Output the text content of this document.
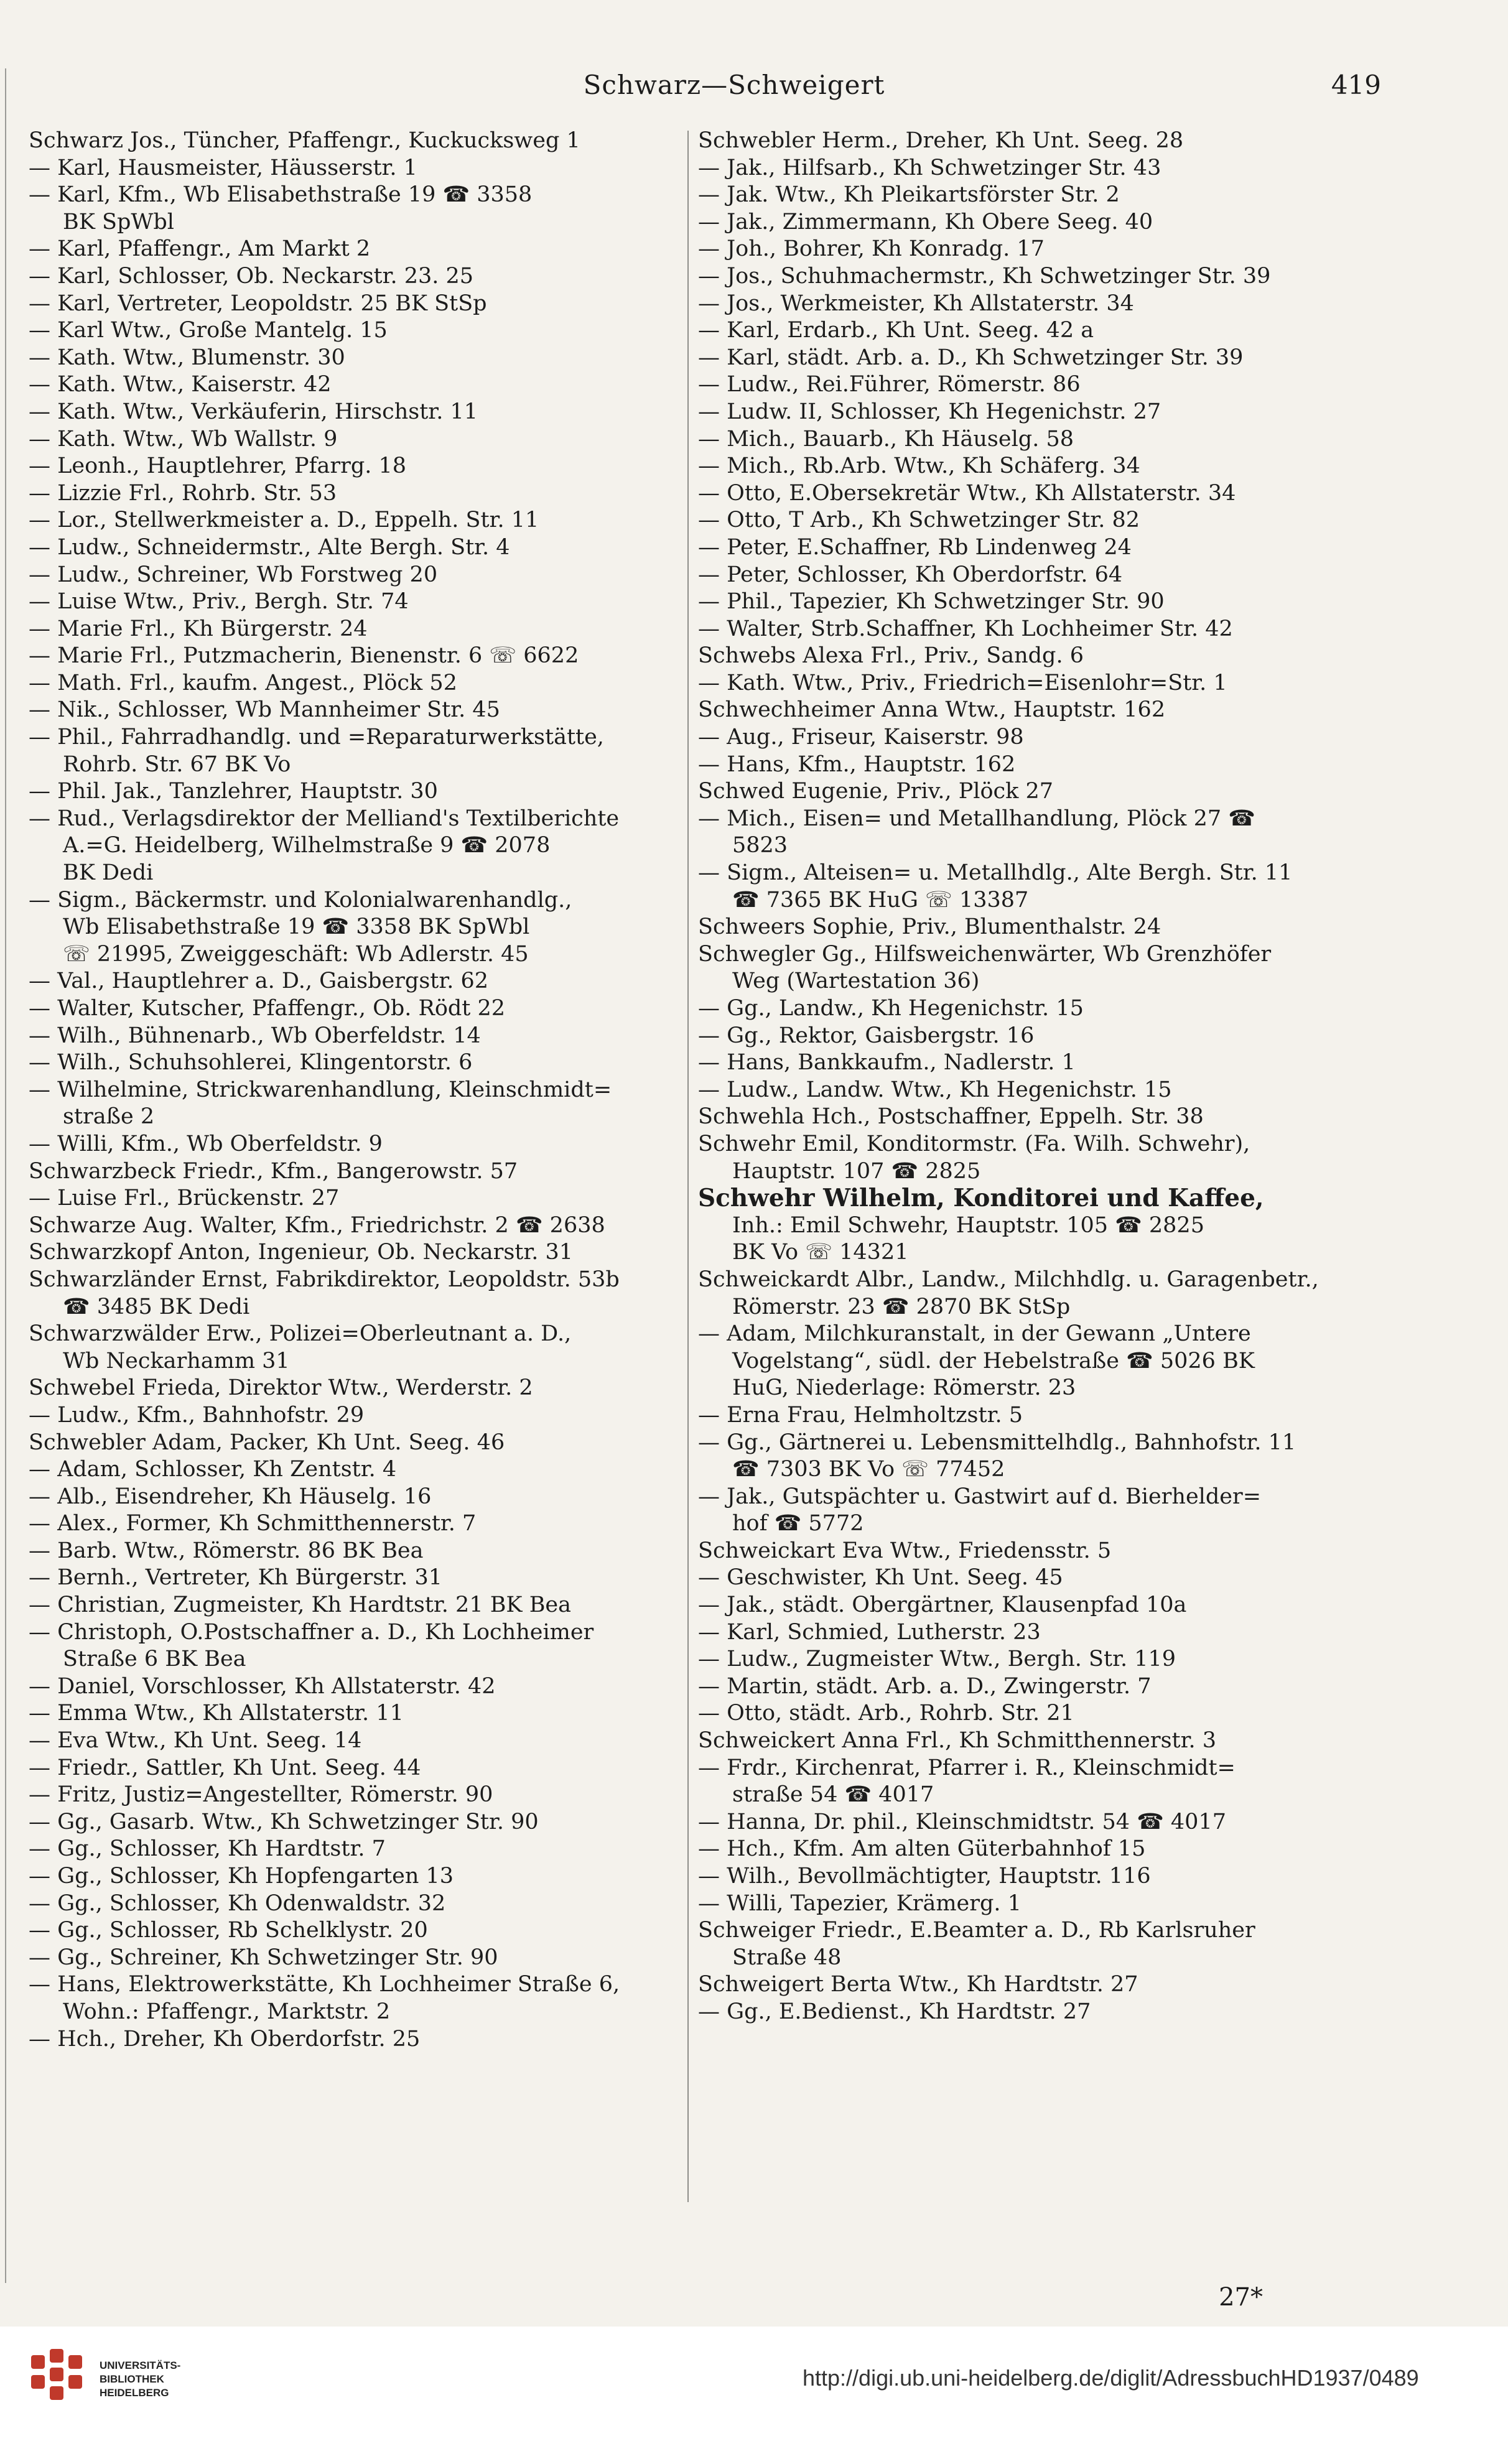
Schwarz—Schweigert	419
Schwarz Jos., Tüncher, Pfaffengr., Kuckucksweg 1
— Karl, Hausmeister, Häusserstr. 1
— Karl, Kfm., Wb Elisabethstraße 19 ☎ 3358
BK SpWbl
— Karl, Pfaffengr., Am Markt 2
— Karl, Schlosser, Ob. Neckarstr. 23. 25
— Karl, Vertreter, Leopoldstr. 25 BK StSp
— Karl Wtw., Große Mantelg. 15
— Kath. Wtw., Blumenstr. 30
— Kath. Wtw., Kaiserstr. 42
— Kath. Wtw., Verkäuferin, Hirschstr. 11
— Kath. Wtw., Wb Wallstr. 9
— Leonh., Hauptlehrer, Pfarrg. 18
— Lizzie Frl., Rohrb. Str. 53
— Lor., Stellwerkmeister a. D., Eppelh. Str. 11
— Ludw., Schneidermstr., Alte Bergh. Str. 4
— Ludw., Schreiner, Wb Forstweg 20
— Luise Wtw., Priv., Bergh. Str. 74
— Marie Frl., Kh Bürgerstr. 24
— Marie Frl., Putzmacherin, Bienenstr. 6 ☏ 6622
— Math. Frl., kaufm. Angest., Plöck 52
— Nik., Schlosser, Wb Mannheimer Str. 45
— Phil., Fahrradhandlg. und =Reparaturwerkstätte,
Rohrb. Str. 67 BK Vo
— Phil. Jak., Tanzlehrer, Hauptstr. 30
— Rud., Verlagsdirektor der Melliand's Textilberichte
A.=G. Heidelberg, Wilhelmstraße 9 ☎ 2078
BK Dedi
— Sigm., Bäckermstr. und Kolonialwarenhandlg.,
Wb Elisabethstraße 19 ☎ 3358 BK SpWbl
☏ 21995, Zweiggeschäft: Wb Adlerstr. 45
— Val., Hauptlehrer a. D., Gaisbergstr. 62
— Walter, Kutscher, Pfaffengr., Ob. Rödt 22
— Wilh., Bühnenarb., Wb Oberfeldstr. 14
— Wilh., Schuhsohlerei, Klingentorstr. 6
— Wilhelmine, Strickwarenhandlung, Kleinschmidt=
straße 2
— Willi, Kfm., Wb Oberfeldstr. 9
Schwarzbeck Friedr., Kfm., Bangerowstr. 57
— Luise Frl., Brückenstr. 27
Schwarze Aug. Walter, Kfm., Friedrichstr. 2 ☎ 2638
Schwarzkopf Anton, Ingenieur, Ob. Neckarstr. 31
Schwarzländer Ernst, Fabrikdirektor, Leopoldstr. 53b
☎ 3485 BK Dedi
Schwarzwälder Erw., Polizei=Oberleutnant a. D.,
Wb Neckarhamm 31
Schwebel Frieda, Direktor Wtw., Werderstr. 2
— Ludw., Kfm., Bahnhofstr. 29
Schwebler Adam, Packer, Kh Unt. Seeg. 46
— Adam, Schlosser, Kh Zentstr. 4
— Alb., Eisendreher, Kh Häuselg. 16
— Alex., Former, Kh Schmitthennerstr. 7
— Barb. Wtw., Römerstr. 86 BK Bea
— Bernh., Vertreter, Kh Bürgerstr. 31
— Christian, Zugmeister, Kh Hardtstr. 21 BK Bea
— Christoph, O.Postschaffner a. D., Kh Lochheimer
Straße 6 BK Bea
— Daniel, Vorschlosser, Kh Allstaterstr. 42
— Emma Wtw., Kh Allstaterstr. 11
— Eva Wtw., Kh Unt. Seeg. 14
— Friedr., Sattler, Kh Unt. Seeg. 44
— Fritz, Justiz=Angestellter, Römerstr. 90
— Gg., Gasarb. Wtw., Kh Schwetzinger Str. 90
— Gg., Schlosser, Kh Hardtstr. 7
— Gg., Schlosser, Kh Hopfengarten 13
— Gg., Schlosser, Kh Odenwaldstr. 32
— Gg., Schlosser, Rb Schelklystr. 20
— Gg., Schreiner, Kh Schwetzinger Str. 90
— Hans, Elektrowerkstätte, Kh Lochheimer Straße 6,
Wohn.: Pfaffengr., Marktstr. 2
— Hch., Dreher, Kh Oberdorfstr. 25
Schwebler Herm., Dreher, Kh Unt. Seeg. 28
— Jak., Hilfsarb., Kh Schwetzinger Str. 43
— Jak. Wtw., Kh Pleikartsförster Str. 2
— Jak., Zimmermann, Kh Obere Seeg. 40
— Joh., Bohrer, Kh Konradg. 17
— Jos., Schuhmachermstr., Kh Schwetzinger Str. 39
— Jos., Werkmeister, Kh Allstaterstr. 34
— Karl, Erdarb., Kh Unt. Seeg. 42 a
— Karl, städt. Arb. a. D., Kh Schwetzinger Str. 39
— Ludw., Rei.Führer, Römerstr. 86
— Ludw. II, Schlosser, Kh Hegenichstr. 27
— Mich., Bauarb., Kh Häuselg. 58
— Mich., Rb.Arb. Wtw., Kh Schäferg. 34
— Otto, E.Obersekretär Wtw., Kh Allstaterstr. 34
— Otto, T Arb., Kh Schwetzinger Str. 82
— Peter, E.Schaffner, Rb Lindenweg 24
— Peter, Schlosser, Kh Oberdorfstr. 64
— Phil., Tapezier, Kh Schwetzinger Str. 90
— Walter, Strb.Schaffner, Kh Lochheimer Str. 42
Schwebs Alexa Frl., Priv., Sandg. 6
— Kath. Wtw., Priv., Friedrich=Eisenlohr=Str. 1
Schwechheimer Anna Wtw., Hauptstr. 162
— Aug., Friseur, Kaiserstr. 98
— Hans, Kfm., Hauptstr. 162
Schwed Eugenie, Priv., Plöck 27
— Mich., Eisen= und Metallhandlung, Plöck 27 ☎
5823
— Sigm., Alteisen= u. Metallhdlg., Alte Bergh. Str. 11
☎ 7365 BK HuG ☏ 13387
Schweers Sophie, Priv., Blumenthalstr. 24
Schwegler Gg., Hilfsweichenwärter, Wb Grenzhöfer
Weg (Wartestation 36)
— Gg., Landw., Kh Hegenichstr. 15
— Gg., Rektor, Gaisbergstr. 16
— Hans, Bankkaufm., Nadlerstr. 1
— Ludw., Landw. Wtw., Kh Hegenichstr. 15
Schwehla Hch., Postschaffner, Eppelh. Str. 38
Schwehr Emil, Konditormstr. (Fa. Wilh. Schwehr),
Hauptstr. 107 ☎ 2825
Schwehr Wilhelm, Konditorei und Kaffee,
Inh.: Emil Schwehr, Hauptstr. 105 ☎ 2825
BK Vo ☏ 14321
Schweickardt Albr., Landw., Milchhdlg. u. Garagenbetr.,
Römerstr. 23 ☎ 2870 BK StSp
— Adam, Milchkuranstalt, in der Gewann „Untere
Vogelstang“, südl. der Hebelstraße ☎ 5026 BK
HuG, Niederlage: Römerstr. 23
— Erna Frau, Helmholtzstr. 5
— Gg., Gärtnerei u. Lebensmittelhdlg., Bahnhofstr. 11
☎ 7303 BK Vo ☏ 77452
— Jak., Gutspächter u. Gastwirt auf d. Bierhelder=
hof ☎ 5772
Schweickart Eva Wtw., Friedensstr. 5
— Geschwister, Kh Unt. Seeg. 45
— Jak., städt. Obergärtner, Klausenpfad 10a
— Karl, Schmied, Lutherstr. 23
— Ludw., Zugmeister Wtw., Bergh. Str. 119
— Martin, städt. Arb. a. D., Zwingerstr. 7
— Otto, städt. Arb., Rohrb. Str. 21
Schweickert Anna Frl., Kh Schmitthennerstr. 3
— Frdr., Kirchenrat, Pfarrer i. R., Kleinschmidt=
straße 54 ☎ 4017
— Hanna, Dr. phil., Kleinschmidtstr. 54 ☎ 4017
— Hch., Kfm. Am alten Güterbahnhof 15
— Wilh., Bevollmächtigter, Hauptstr. 116
— Willi, Tapezier, Krämerg. 1
Schweiger Friedr., E.Beamter a. D., Rb Karlsruher
Straße 48
Schweigert Berta Wtw., Kh Hardtstr. 27
— Gg., E.Bedienst., Kh Hardtstr. 27
27*
UNIVERSITÄTS-
BIBLIOTHEK
HEIDELBERG
http://digi.ub.uni-heidelberg.de/diglit/AdressbuchHD1937/0489
